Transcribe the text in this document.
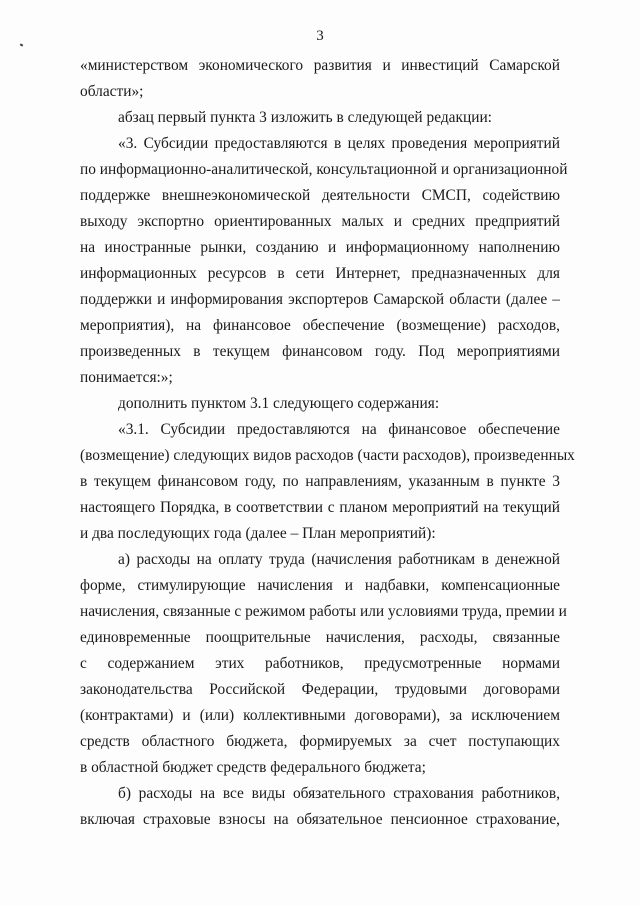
3
«министерством экономического развития и инвестиций Самарской
области»;
абзац первый пункта 3 изложить в следующей редакции:
«3. Субсидии предоставляются в целях проведения мероприятий
по информационно-аналитической, консультационной и организационной
поддержке внешнеэкономической деятельности СМСП, содействию
выходу экспортно ориентированных малых и средних предприятий
на иностранные рынки, созданию и информационному наполнению
информационных ресурсов в сети Интернет, предназначенных для
поддержки и информирования экспортеров Самарской области (далее –
мероприятия), на финансовое обеспечение (возмещение) расходов,
произведенных в текущем финансовом году. Под мероприятиями
понимается:»;
дополнить пунктом 3.1 следующего содержания:
«3.1. Субсидии предоставляются на финансовое обеспечение
(возмещение) следующих видов расходов (части расходов), произведенных
в текущем финансовом году, по направлениям, указанным в пункте 3
настоящего Порядка, в соответствии с планом мероприятий на текущий
и два последующих года (далее – План мероприятий):
а) расходы на оплату труда (начисления работникам в денежной
форме, стимулирующие начисления и надбавки, компенсационные
начисления, связанные с режимом работы или условиями труда, премии и
единовременные поощрительные начисления, расходы, связанные
с содержанием этих работников, предусмотренные нормами
законодательства Российской Федерации, трудовыми договорами
(контрактами) и (или) коллективными договорами), за исключением
средств областного бюджета, формируемых за счет поступающих
в областной бюджет средств федерального бюджета;
б) расходы на все виды обязательного страхования работников,
включая страховые взносы на обязательное пенсионное страхование,
